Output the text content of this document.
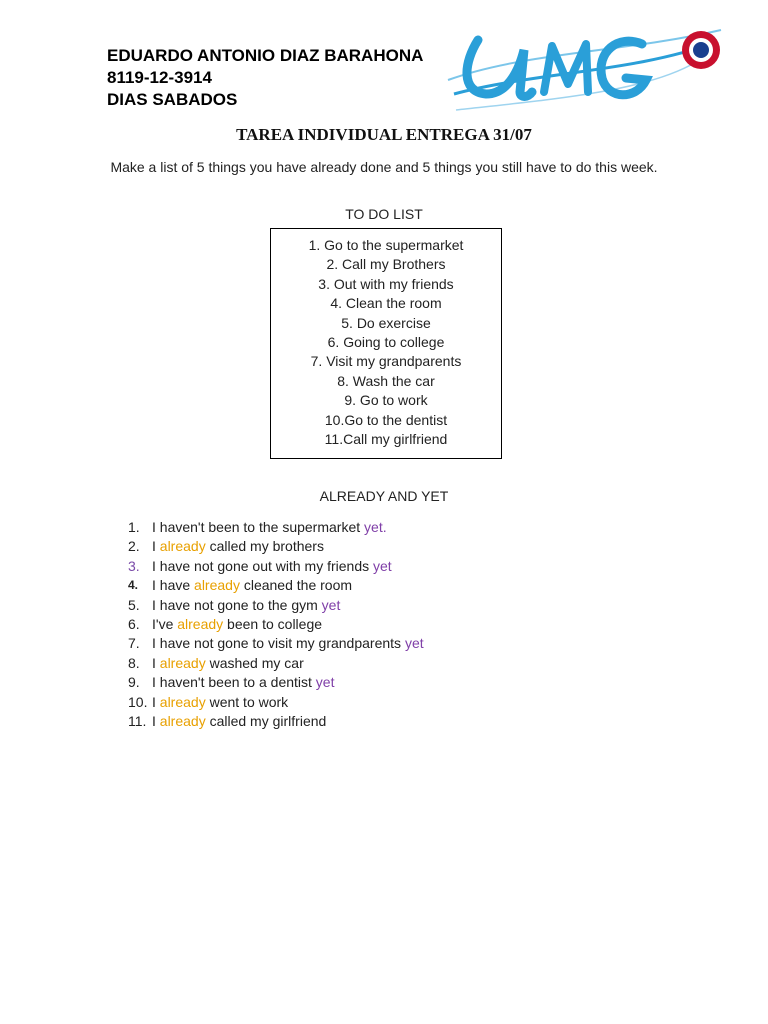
EDUARDO ANTONIO DIAZ BARAHONA
8119-12-3914
DIAS SABADOS
TAREA INDIVIDUAL ENTREGA 31/07
Make a list of 5 things you have already done and 5 things you still have to do this week.
TO DO LIST
1. Go to the supermarket
2. Call my Brothers
3. Out with my friends
4. Clean the room
5. Do exercise
6. Going to college
7. Visit my grandparents
8. Wash the car
9. Go to work
10.Go to the dentist
11.Call my girlfriend
ALREADY AND YET
1. I haven't been to the supermarket yet.
2. I already called my brothers
3. I have not gone out with my friends yet
4. I have already cleaned the room
5. I have not gone to the gym yet
6. I've already been to college
7. I have not gone to visit my grandparents yet
8. I already washed my car
9. I haven't been to a dentist yet
10. I already went to work
11. I already called my girlfriend
